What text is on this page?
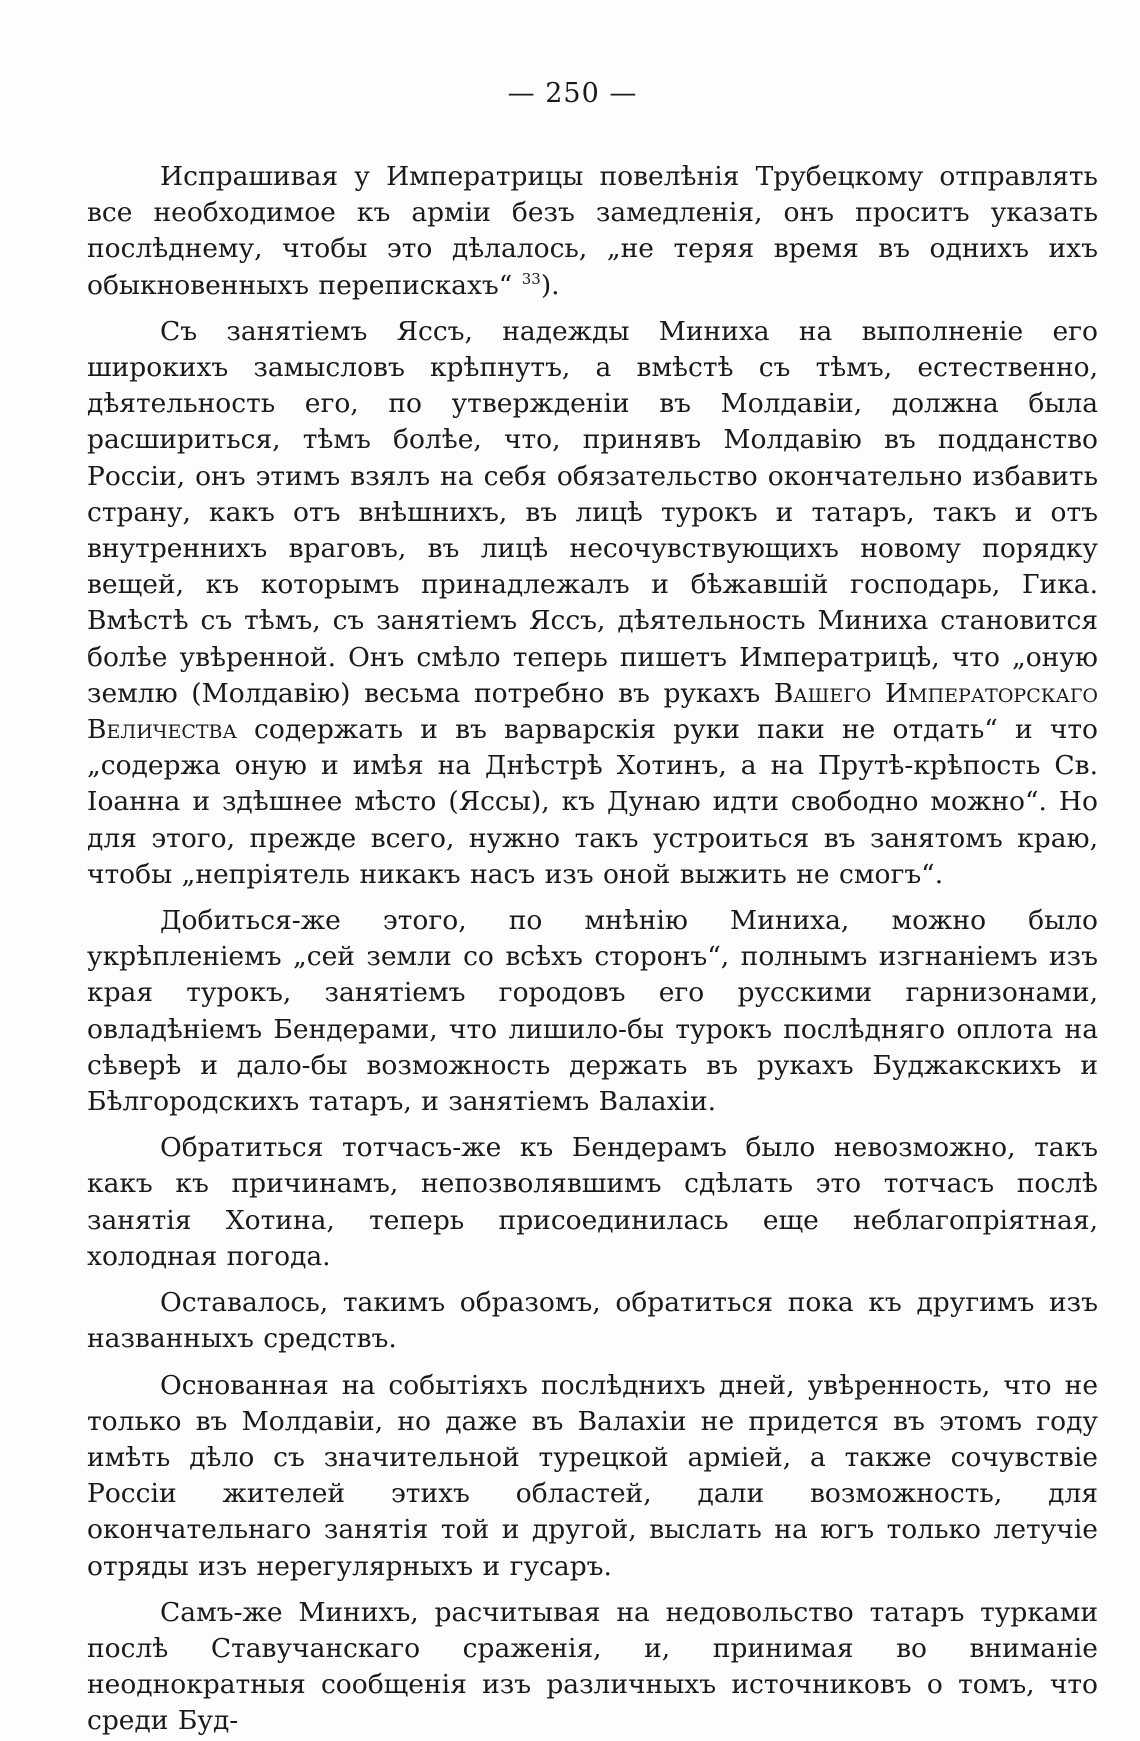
— 250 —

Испрашивая у Императрицы повелѣнія Трубецкому отправлять все необходимое къ арміи безъ замедленія, онъ проситъ указать послѣднему, чтобы это дѣлалось, „не теряя время въ однихъ ихъ обыкновенныхъ перепискахъ“ $^{33}$).

Съ занятіемъ Яссъ, надежды Миниха на выполненіе его широкихъ замысловъ крѣпнутъ, а вмѣстѣ съ тѣмъ, естественно, дѣятельность его, по утвержденіи въ Молдавіи, должна была расшириться, тѣмъ болѣе, что, принявъ Молдавію въ подданство Россіи, онъ этимъ взялъ на себя обязательство окончательно избавить страну, какъ отъ внѣшнихъ, въ лицѣ турокъ и татаръ, такъ и отъ внутреннихъ враговъ, въ лицѣ несочувствующихъ новому порядку вещей, къ которымъ принадлежалъ и бѣжавшій господарь, Гика. Вмѣстѣ съ тѣмъ, съ занятіемъ Яссъ, дѣятельность Миниха становится болѣе увѣренной. Онъ смѣло теперь пишетъ Императрицѣ, что „оную землю (Молдавію) весьма потребно въ рукахъ Вашего Императорскаго Величества содержать и въ варварскія руки паки не отдать“ и что „содержа оную и имѣя на Днѣстрѣ Хотинъ, а на Прутѣ-крѣпость Св. Іоанна и здѣшнее мѣсто (Яссы), къ Дунаю идти свободно можно“. Но для этого, прежде всего, нужно такъ устроиться въ занятомъ краю, чтобы „непріятель никакъ насъ изъ оной выжить не смогъ“.

Добиться-же этого, по мнѣнію Миниха, можно было укрѣпленіемъ „сей земли со всѣхъ сторонъ“, полнымъ изгнаніемъ изъ края турокъ, занятіемъ городовъ его русскими гарнизонами, овладѣніемъ Бендерами, что лишило-бы турокъ послѣдняго оплота на сѣверѣ и дало-бы возможность держать въ рукахъ Буджакскихъ и Бѣлгородскихъ татаръ, и занятіемъ Валахіи.

Обратиться тотчасъ-же къ Бендерамъ было невозможно, такъ какъ къ причинамъ, непозволявшимъ сдѣлать это тотчасъ послѣ занятія Хотина, теперь присоединилась еще неблагопріятная, холодная погода.

Оставалось, такимъ образомъ, обратиться пока къ другимъ изъ названныхъ средствъ.

Основанная на событіяхъ послѣднихъ дней, увѣренность, что не только въ Молдавіи, но даже въ Валахіи не придется въ этомъ году имѣть дѣло съ значительной турецкой арміей, а также сочувствіе Россіи жителей этихъ областей, дали возможность, для окончательнаго занятія той и другой, выслать на югъ только летучіе отряды изъ нерегулярныхъ и гусаръ.

Самъ-же Минихъ, расчитывая на недовольство татаръ турками послѣ Ставучанскаго сраженія, и, принимая во вниманіе неоднократныя сообщенія изъ различныхъ источниковъ о томъ, что среди Буд-
